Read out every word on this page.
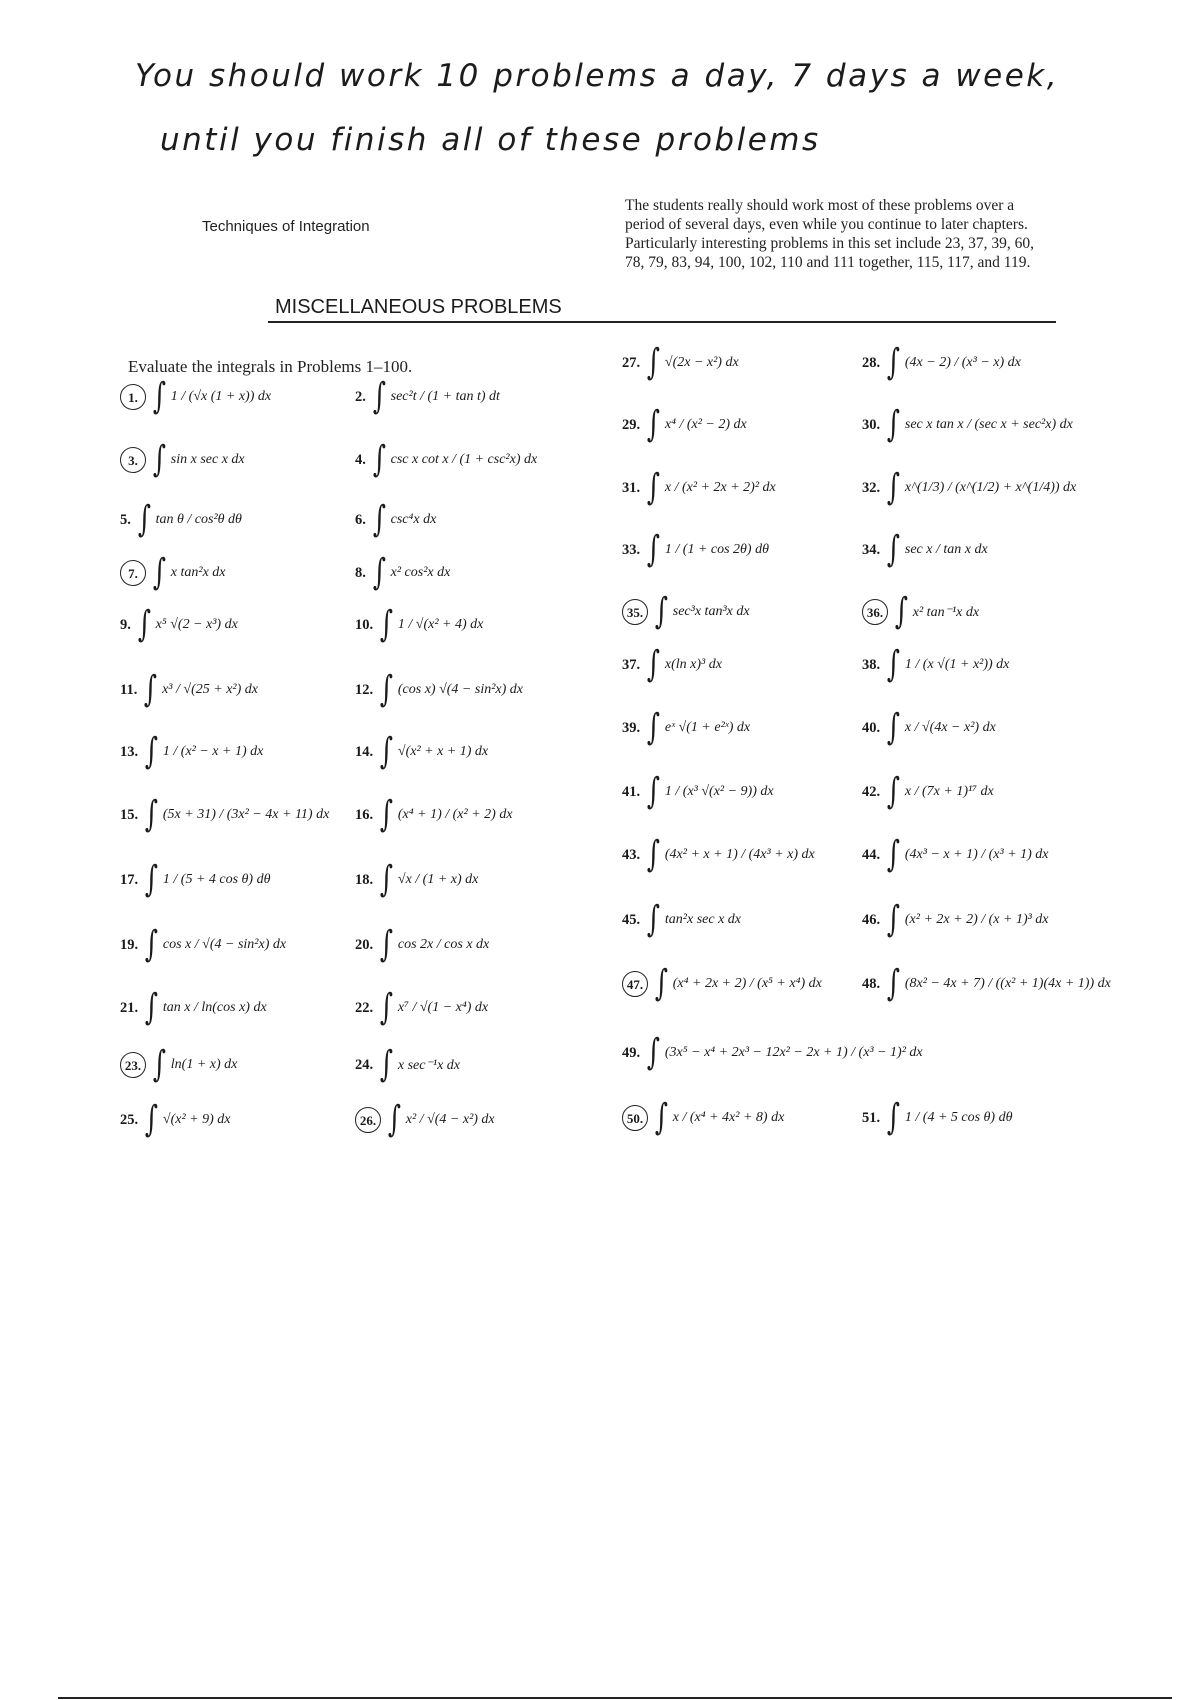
You should work 10 problems a day, 7 days a week,
until you finish all of these problems
Techniques of Integration
The students really should work most of these problems over a period of several days, even while you continue to later chapters. Particularly interesting problems in this set include 23, 37, 39, 60, 78, 79, 83, 94, 100, 102, 110 and 111 together, 115, 117, and 119.
MISCELLANEOUS PROBLEMS
Evaluate the integrals in Problems 1–100.
1. ∫ 1 / (√x (1 + x)) dx	2. ∫ sec²t / (1 + tan t) dt
3. ∫ sin x sec x dx	4. ∫ csc x cot x / (1 + csc²x) dx
5. ∫ tan θ / cos²θ dθ	6. ∫ csc⁴x dx
7. ∫ x tan²x dx	8. ∫ x² cos²x dx
9. ∫ x⁵ √(2 − x³) dx	10. ∫ 1 / √(x² + 4) dx
11. ∫ x³ / √(25 + x²) dx	12. ∫ (cos x) √(4 − sin²x) dx
13. ∫ 1 / (x² − x + 1) dx	14. ∫ √(x² + x + 1) dx
15. ∫ (5x + 31) / (3x² − 4x + 11) dx 16. ∫ (x⁴ + 1) / (x² + 2) dx
17. ∫ 1 / (5 + 4 cos θ) dθ	18. ∫ √x / (1 + x) dx
19. ∫ cos x / √(4 − sin²x) dx	20. ∫ cos 2x / cos x dx
21. ∫ tan x / ln(cos x) dx	22. ∫ x⁷ / √(1 − x⁴) dx
23. ∫ ln(1 + x) dx	24. ∫ x sec⁻¹x dx
25. ∫ √(x² + 9) dx	26. ∫ x² / √(4 − x²) dx
27. ∫ √(2x − x²) dx	28. ∫ (4x − 2) / (x³ − x) dx
29. ∫ x⁴ / (x² − 2) dx	30. ∫ sec x tan x / (sec x + sec²x) dx
31. ∫ x / (x² + 2x + 2)² dx	32. ∫ x^(1/3) / (x^(1/2) + x^(1/4)) dx
33. ∫ 1 / (1 + cos 2θ) dθ	34. ∫ sec x / tan x dx
35. ∫ sec³x tan³x dx	36. ∫ x² tan⁻¹x dx
37. ∫ x(ln x)³ dx	38. ∫ 1 / (x √(1 + x²)) dx
39. ∫ eˣ √(1 + e²ˣ) dx	40. ∫ x / √(4x − x²) dx
41. ∫ 1 / (x³ √(x² − 9)) dx	42. ∫ x / (7x + 1)¹⁷ dx
43. ∫ (4x² + x + 1) / (4x³ + x) dx	44. ∫ (4x³ − x + 1) / (x³ + 1) dx
45. ∫ tan²x sec x dx	46. ∫ (x² + 2x + 2) / (x + 1)³ dx
47. ∫ (x⁴ + 2x + 2) / (x⁵ + x⁴) dx	48. ∫ (8x² − 4x + 7) / ((x² + 1)(4x + 1)) dx
49. ∫ (3x⁵ − x⁴ + 2x³ − 12x² − 2x + 1) / (x³ − 1)² dx
50. ∫ x / (x⁴ + 4x² + 8) dx	51. ∫ 1 / (4 + 5 cos θ) dθ
